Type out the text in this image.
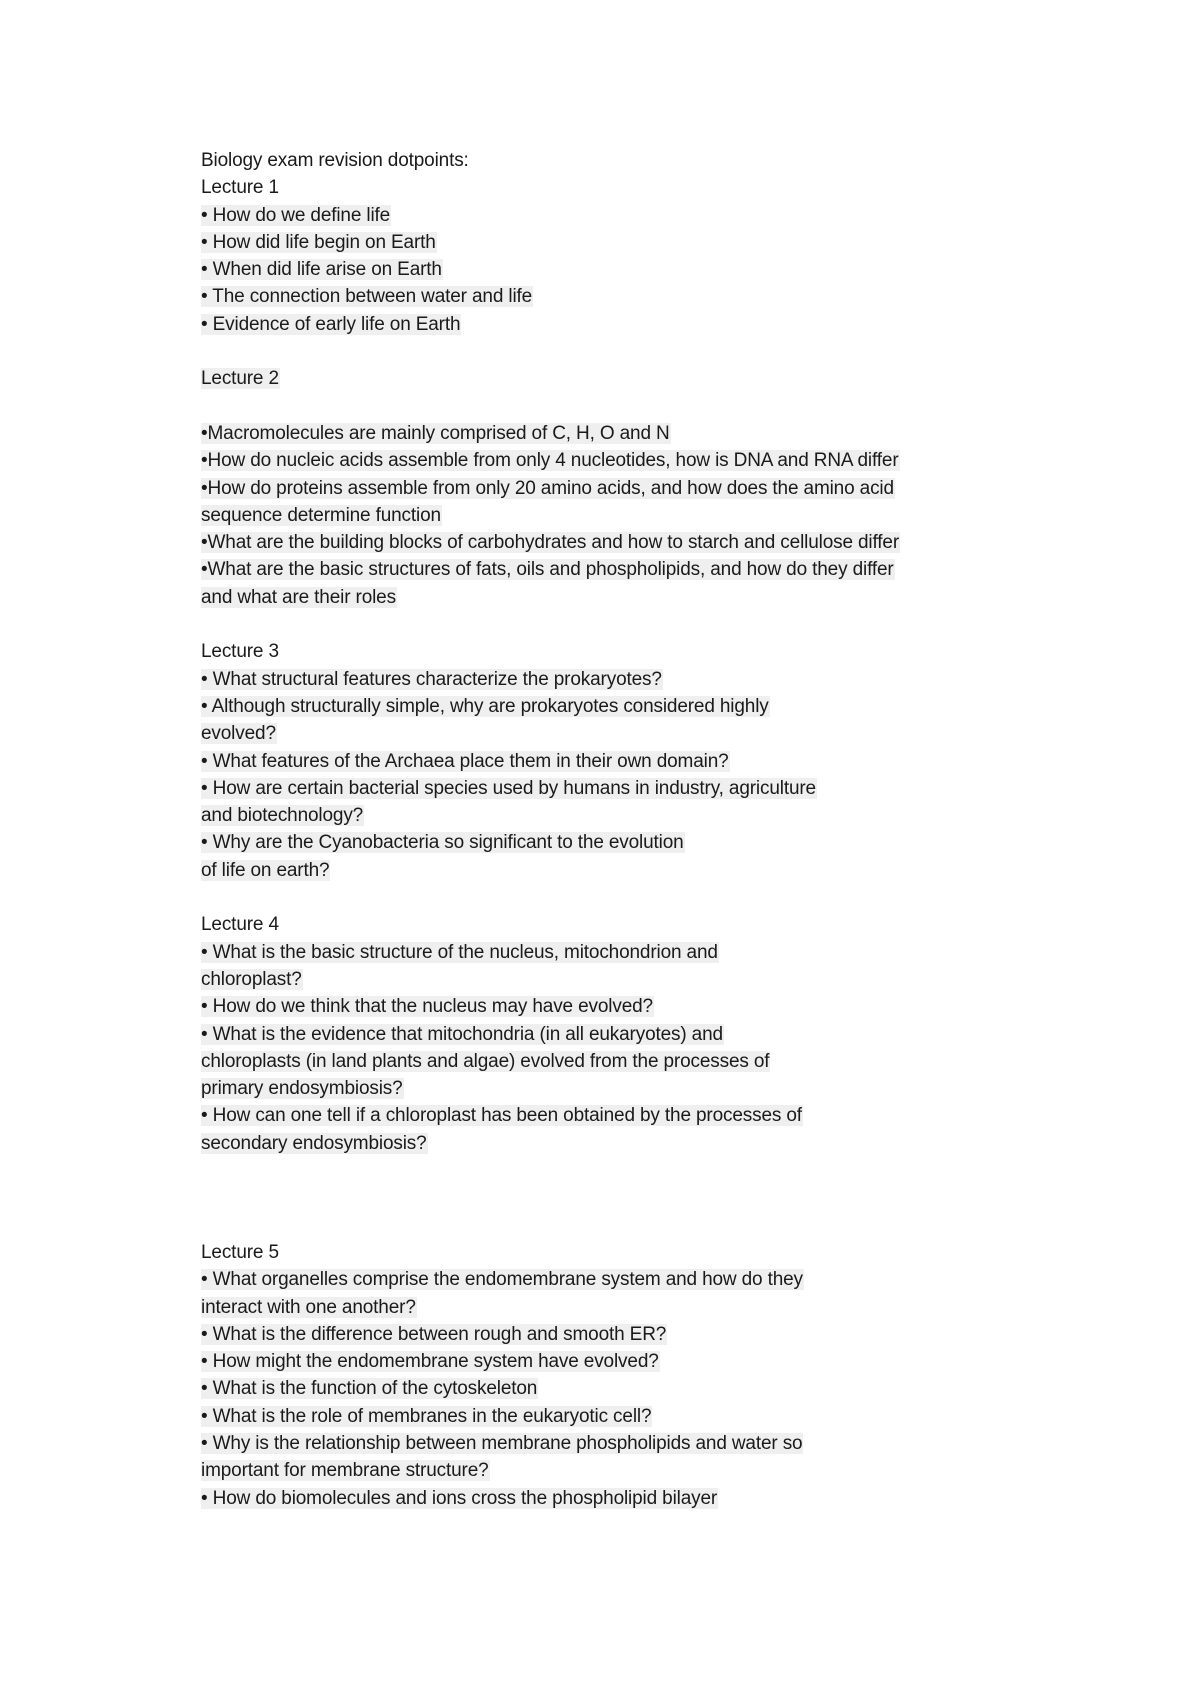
Biology exam revision dotpoints:
Lecture 1
• How do we define life
• How did life begin on Earth
• When did life arise on Earth
• The connection between water and life
• Evidence of early life on Earth
Lecture 2
•Macromolecules are mainly comprised of C, H, O and N
•How do nucleic acids assemble from only 4 nucleotides, how is DNA and RNA differ
•How do proteins assemble from only 20 amino acids, and how does the amino acid
sequence determine function
•What are the building blocks of carbohydrates and how to starch and cellulose differ
•What are the basic structures of fats, oils and phospholipids, and how do they differ
and what are their roles
Lecture 3
• What structural features characterize the prokaryotes?
• Although structurally simple, why are prokaryotes considered highly
evolved?
• What features of the Archaea place them in their own domain?
• How are certain bacterial species used by humans in industry, agriculture
and biotechnology?
• Why are the Cyanobacteria so significant to the evolution
of life on earth?
Lecture 4
• What is the basic structure of the nucleus, mitochondrion and
chloroplast?
• How do we think that the nucleus may have evolved?
• What is the evidence that mitochondria (in all eukaryotes) and
chloroplasts (in land plants and algae) evolved from the processes of
primary endosymbiosis?
• How can one tell if a chloroplast has been obtained by the processes of
secondary endosymbiosis?
Lecture 5
• What organelles comprise the endomembrane system and how do they
interact with one another?
• What is the difference between rough and smooth ER?
• How might the endomembrane system have evolved?
• What is the function of the cytoskeleton
• What is the role of membranes in the eukaryotic cell?
• Why is the relationship between membrane phospholipids and water so
important for membrane structure?
• How do biomolecules and ions cross the phospholipid bilayer
